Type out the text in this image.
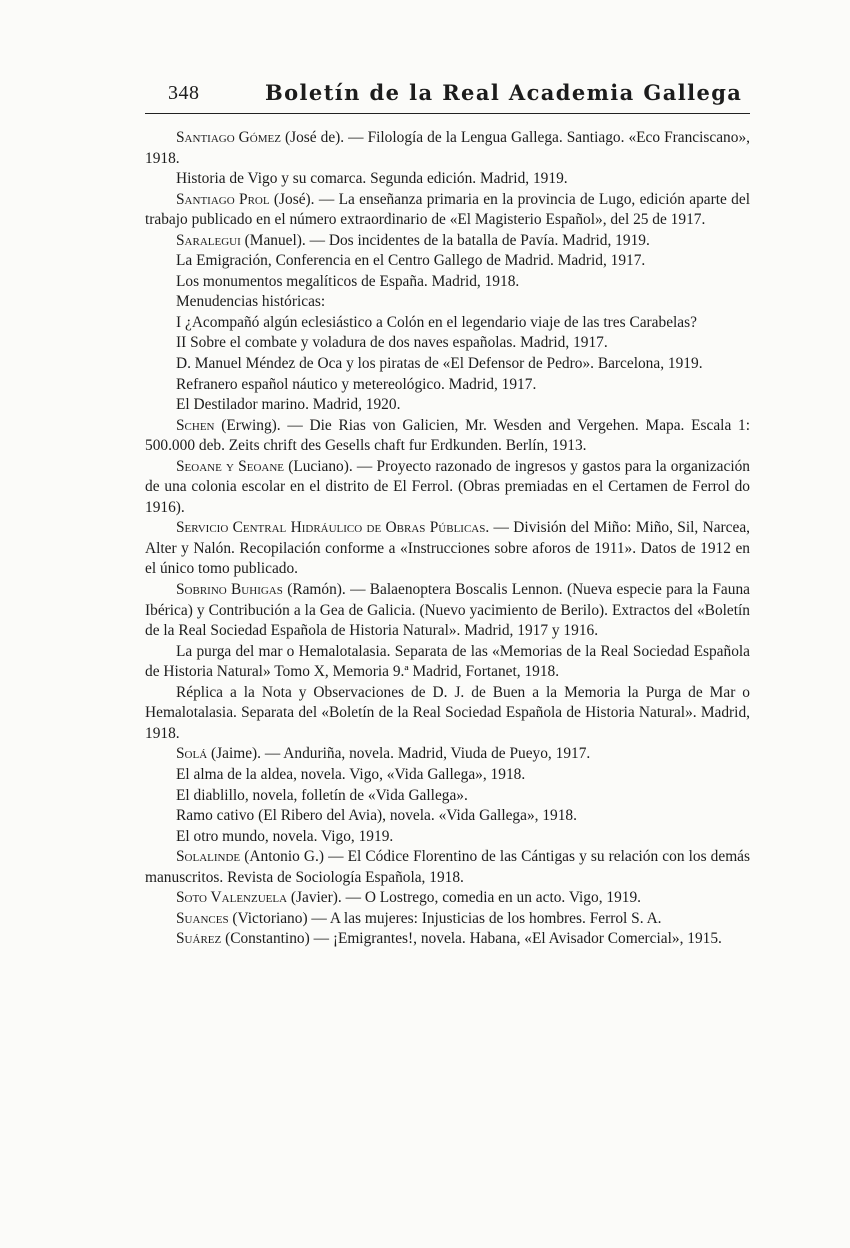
348	Boletín de la Real Academia Gallega

Santiago Gómez (José de). — Filología de la Lengua Gallega. Santiago. «Eco Franciscano», 1918.

Historia de Vigo y su comarca. Segunda edición. Madrid, 1919.

Santiago Prol (José). — La enseñanza primaria en la provincia de Lugo, edición aparte del trabajo publicado en el número extraordinario de «El Magisterio Español», del 25 de 1917.

Saralegui (Manuel). — Dos incidentes de la batalla de Pavía. Madrid, 1919.

La Emigración, Conferencia en el Centro Gallego de Madrid. Madrid, 1917.

Los monumentos megalíticos de España. Madrid, 1918.

Menudencias históricas:

I ¿Acompañó algún eclesiástico a Colón en el legendario viaje de las tres Carabelas?

II Sobre el combate y voladura de dos naves españolas. Madrid, 1917.

D. Manuel Méndez de Oca y los piratas de «El Defensor de Pedro». Barcelona, 1919.

Refranero español náutico y metereológico. Madrid, 1917.

El Destilador marino. Madrid, 1920.

Schen (Erwing). — Die Rias von Galicien, Mr. Wesden and Vergehen. Mapa. Escala 1: 500.000 deb. Zeits chrift des Gesells chaft fur Erdkunden. Berlín, 1913.

Seoane y Seoane (Luciano). — Proyecto razonado de ingresos y gastos para la organización de una colonia escolar en el distrito de El Ferrol. (Obras premiadas en el Certamen de Ferrol do 1916).

Servicio Central Hidráulico de Obras Públicas. — División del Miño: Miño, Sil, Narcea, Alter y Nalón. Recopilación conforme a «Instrucciones sobre aforos de 1911». Datos de 1912 en el único tomo publicado.

Sobrino Buhigas (Ramón). — Balaenoptera Boscalis Lennon. (Nueva especie para la Fauna Ibérica) y Contribución a la Gea de Galicia. (Nuevo yacimiento de Berilo). Extractos del «Boletín de la Real Sociedad Española de Historia Natural». Madrid, 1917 y 1916.

La purga del mar o Hemalotalasia. Separata de las «Memorias de la Real Sociedad Española de Historia Natural» Tomo X, Memoria 9.ª Madrid, Fortanet, 1918.

Réplica a la Nota y Observaciones de D. J. de Buen a la Memoria la Purga de Mar o Hemalotalasia. Separata del «Boletín de la Real Sociedad Española de Historia Natural». Madrid, 1918.

Solá (Jaime). — Anduriña, novela. Madrid, Viuda de Pueyo, 1917.

El alma de la aldea, novela. Vigo, «Vida Gallega», 1918.

El diablillo, novela, folletín de «Vida Gallega».

Ramo cativo (El Ribero del Avia), novela. «Vida Gallega», 1918.

El otro mundo, novela. Vigo, 1919.

Solalinde (Antonio G.) — El Códice Florentino de las Cántigas y su relación con los demás manuscritos. Revista de Sociología Española, 1918.

Soto Valenzuela (Javier). — O Lostrego, comedia en un acto. Vigo, 1919.

Suances (Victoriano) — A las mujeres: Injusticias de los hombres. Ferrol S. A.

Suárez (Constantino) — ¡Emigrantes!, novela. Habana, «El Avisador Comercial», 1915.
